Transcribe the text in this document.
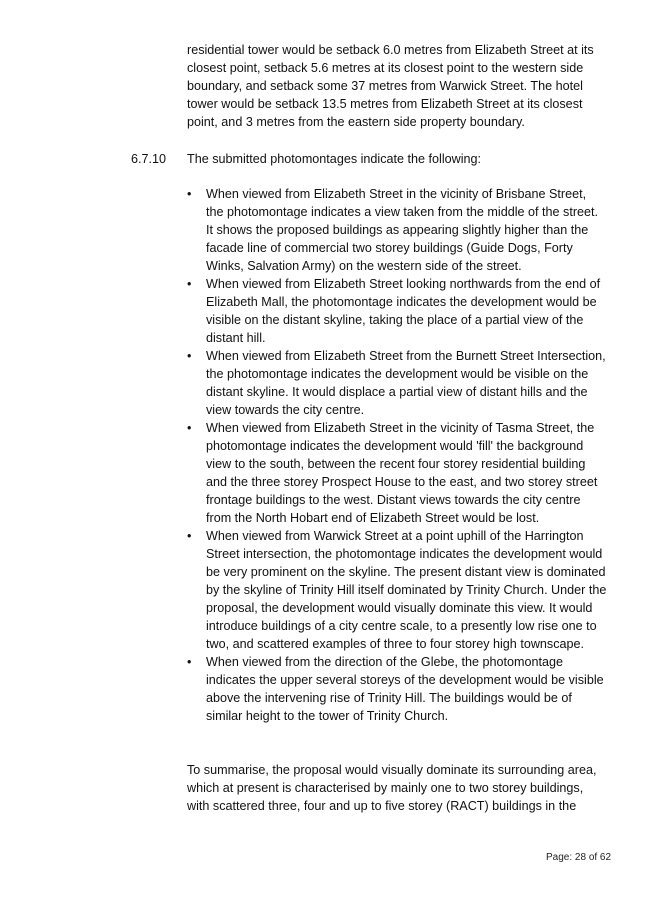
residential tower would be setback 6.0 metres from Elizabeth Street at its closest point, setback 5.6 metres at its closest point to the western side boundary, and setback some 37 metres from Warwick Street. The hotel tower would be setback 13.5 metres from Elizabeth Street at its closest point, and 3 metres from the eastern side property boundary.

6.7.10 The submitted photomontages indicate the following:

•	When viewed from Elizabeth Street in the vicinity of Brisbane Street, the photomontage indicates a view taken from the middle of the street. It shows the proposed buildings as appearing slightly higher than the facade line of commercial two storey buildings (Guide Dogs, Forty Winks, Salvation Army) on the western side of the street.
•	When viewed from Elizabeth Street looking northwards from the end of Elizabeth Mall, the photomontage indicates the development would be visible on the distant skyline, taking the place of a partial view of the distant hill.
•	When viewed from Elizabeth Street from the Burnett Street Intersection, the photomontage indicates the development would be visible on the distant skyline. It would displace a partial view of distant hills and the view towards the city centre.
•	When viewed from Elizabeth Street in the vicinity of Tasma Street, the photomontage indicates the development would 'fill' the background view to the south, between the recent four storey residential building and the three storey Prospect House to the east, and two storey street frontage buildings to the west. Distant views towards the city centre from the North Hobart end of Elizabeth Street would be lost.
•	When viewed from Warwick Street at a point uphill of the Harrington Street intersection, the photomontage indicates the development would be very prominent on the skyline. The present distant view is dominated by the skyline of Trinity Hill itself dominated by Trinity Church. Under the proposal, the development would visually dominate this view. It would introduce buildings of a city centre scale, to a presently low rise one to two, and scattered examples of three to four storey high townscape.
•	When viewed from the direction of the Glebe, the photomontage indicates the upper several storeys of the development would be visible above the intervening rise of Trinity Hill. The buildings would be of similar height to the tower of Trinity Church.

To summarise, the proposal would visually dominate its surrounding area, which at present is characterised by mainly one to two storey buildings, with scattered three, four and up to five storey (RACT) buildings in the

Page: 28 of 62
